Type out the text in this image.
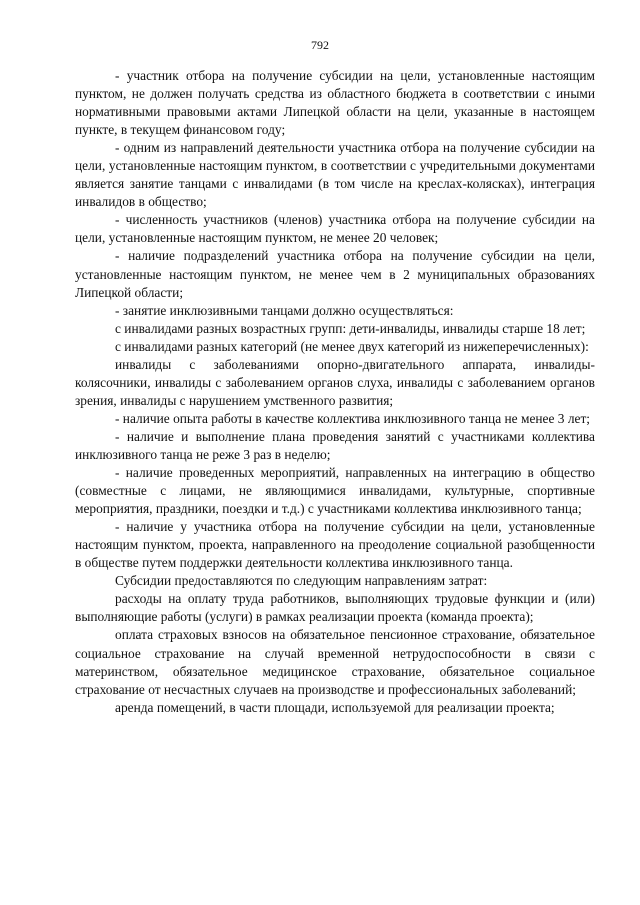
792

- участник отбора на получение субсидии на цели, установленные настоящим пунктом, не должен получать средства из областного бюджета в соответствии с иными нормативными правовыми актами Липецкой области на цели, указанные в настоящем пункте, в текущем финансовом году;

- одним из направлений деятельности участника отбора на получение субсидии на цели, установленные настоящим пунктом, в соответствии с учредительными документами является занятие танцами с инвалидами (в том числе на креслах-колясках), интеграция инвалидов в общество;

- численность участников (членов) участника отбора на получение субсидии на цели, установленные настоящим пунктом, не менее 20 человек;

- наличие подразделений участника отбора на получение субсидии на цели, установленные настоящим пунктом, не менее чем в 2 муниципальных образованиях Липецкой области;

- занятие инклюзивными танцами должно осуществляться:

с инвалидами разных возрастных групп: дети-инвалиды, инвалиды старше 18 лет;

с инвалидами разных категорий (не менее двух категорий из нижеперечисленных):

инвалиды с заболеваниями опорно-двигательного аппарата, инвалиды-колясочники, инвалиды с заболеванием органов слуха, инвалиды с заболеванием органов зрения, инвалиды с нарушением умственного развития;

- наличие опыта работы в качестве коллектива инклюзивного танца не менее 3 лет;

- наличие и выполнение плана проведения занятий с участниками коллектива инклюзивного танца не реже 3 раз в неделю;

- наличие проведенных мероприятий, направленных на интеграцию в общество (совместные с лицами, не являющимися инвалидами, культурные, спортивные мероприятия, праздники, поездки и т.д.) с участниками коллектива инклюзивного танца;

- наличие у участника отбора на получение субсидии на цели, установленные настоящим пунктом, проекта, направленного на преодоление социальной разобщенности в обществе путем поддержки деятельности коллектива инклюзивного танца.

Субсидии предоставляются по следующим направлениям затрат:

расходы на оплату труда работников, выполняющих трудовые функции и (или) выполняющие работы (услуги) в рамках реализации проекта (команда проекта);

оплата страховых взносов на обязательное пенсионное страхование, обязательное социальное страхование на случай временной нетрудоспособности в связи с материнством, обязательное медицинское страхование, обязательное социальное страхование от несчастных случаев на производстве и профессиональных заболеваний;

аренда помещений, в части площади, используемой для реализации проекта;
